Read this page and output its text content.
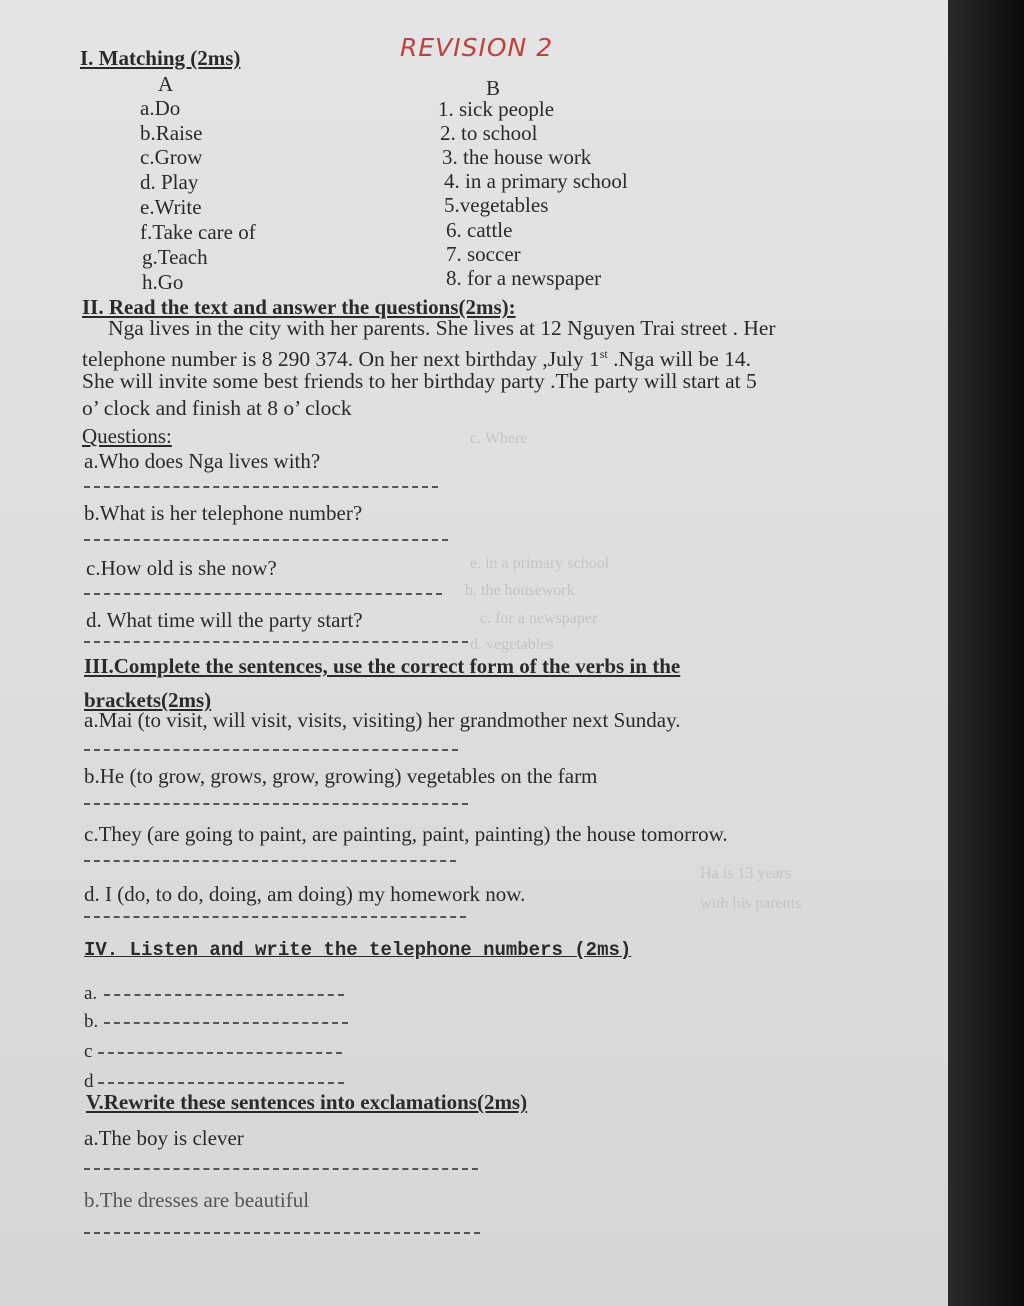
e. in a primary school
b. the housework
c. for a newspaper
d. vegetables
c. Where
Ha is 13 years
with his parents
REVISION 2
I. Matching (2ms)
A	B
a.Do
b.Raise
c.Grow
d. Play
e.Write
f.Take care of
g.Teach
h.Go
1. sick people
2. to school
3. the house work
4. in a primary school
5.vegetables
6. cattle
7. soccer
8. for a newspaper
II. Read the text and answer the questions(2ms):
Nga lives in the city with her parents. She lives at 12 Nguyen Trai street . Her
telephone number is 8 290 374. On her next birthday ,July 1st .Nga will be 14.
She will invite some best friends to her birthday party .The party will start at 5
o’ clock and finish at 8 o’ clock
Questions:
a.Who does Nga lives with?
b.What is her telephone number?
c.How old is she now?
d. What time will the party start?
III.Complete the sentences, use the correct form of the verbs in the
brackets(2ms)
a.Mai (to visit, will visit, visits, visiting) her grandmother next Sunday.
b.He (to grow, grows, grow, growing) vegetables on the farm
c.They (are going to paint, are painting, paint, painting) the house tomorrow.
d. I (do, to do, doing, am doing) my homework now.
IV. Listen and write the telephone numbers (2ms)
a.
b.
c
d
V.Rewrite these sentences into exclamations(2ms)
a.The boy is clever
b.The dresses are beautiful
